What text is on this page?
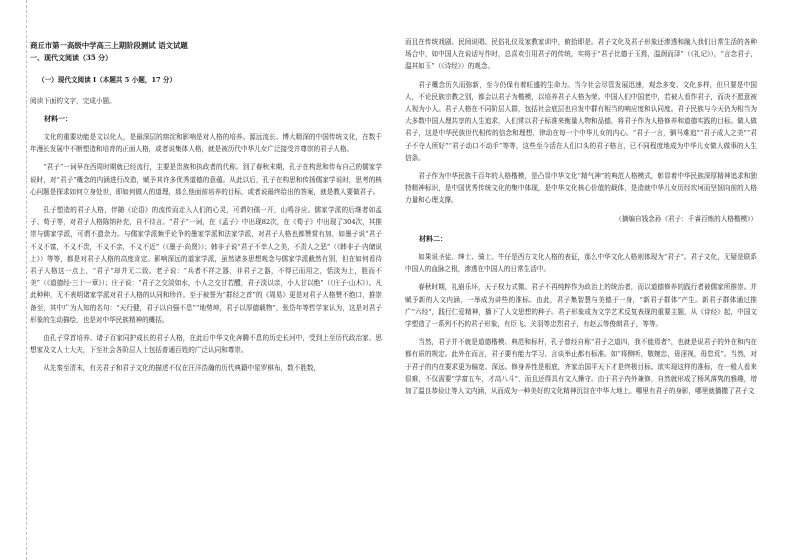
商丘市第一高级中学高三上期阶段测试 语文试题

一、现代文阅读（35 分）

（一）现代文阅读 I（本题共 5 小题，17 分）

阅读下面的文字，完成小题。

材料一：

文化的重要功能是文以化人，是最深层的熔淀和影响是对人格的培养。源远流长、博大精深的中国传统文化，在数千年漫长发展中不断塑造和培育的正面人格，或者说集体人格，就是被历代中华儿女广泛接受并尊崇的君子人格。

“君子”一词早在西周时期就已经流行，主要是贵族和执政者的代称。到了春秋末期，孔子在构思和传布自己的儒家学说时，对“君子”概念的内涵进行改造，赋予其许多优秀道德的意蕴。从此以后，孔子在构思和传扬儒家学说时，思考的核心问题是探求如何立身处世，即如何做人的道理，那么他面前培养的目标，或者说最终给出的答案，就是教人要做君子。

孔子塑造的君子人格，伴随《论语》的流传而走入人们的心灵，可谓妇孺一开，山鸣谷应。儒家学派的后继者如孟子、荀子等，对君子人格陈纳补充，自不待言。“君子”一词，在《孟子》中出现82次，在《荀子》中出现了304次，其推崇与儒家学派，可谓不遗余力。与儒家学派频乎论争的墨家学派和法家学派，对君子人格也都赞赏有加，如墨子说“君子不义不富，不义不贵，不义不亲，不义不近”（《墨子·尚贤》）；韩非子说“君子不幸人之美，不责人之恶”（《韩非子·内储说上》）等等，都是对君子人格的高度肯定。影响深远的道家学派，虽然诸多思想观念与儒家学派截然有别，但在如何看待君子人格这一点上，“君子”却并无二致。老子说：“兵者不祥之器，非君子之器，不得已而用之，恬淡为上，胜而不美”（《道德经·三十一章》）；庄子说：“君子之交淡如水，小人之交甘若醴，君子淡以亲，小人甘以绝”（《庄子·山木》）。凡此种种，无不表明诸家学派对君子人格的认同和珍许。至于被誉为“群经之首”的《周易》更是对君子人格赞不绝口，推崇备至，其中广为人知的名句：“天行健，君子以自强不息”“地势坤，君子以厚德载物”，张岱年等哲学家认为，这是对君子形象的生动描绘，也是对中华民族精神的概括。

由孔子穿首培养、诸子百家同护成长的君子人格，在此后中华文化奔腾不息的历史长河中，受到上至历代政治家、思想家及文人士大夫，下至社会各阶层人士包括普通百姓的广泛认同和尊崇。

从先秦至清末，有关君子和君子文化的描述不仅在汪洋浩瀚的历代典籍中星罗棋布，数不胜数，

而且在传统戏剧、民间说唱、民俗礼仪及家教家训中，俯拾即是。君子文化及君子形象还渗透和融入我们日常生活的各种场合中，如中国人在说话写作时，总喜欢引用君子的传统，实将于“君子比德于玉焉，温润而泽”（《礼记》），“言念君子，温其如玉”（《诗经》）的观念。

君子概念历久而弥新，至今仍保有着旺盛的生命力。当今社会尽管发展迅速，观念多变、文化多样，但只要是中国人，不论民族宗教之别，都会以君子为楷模，以培养君子人格为荣。中国人们中国老中，若被人看作君子，而决不愿意被人视为小人。君子人格在不同阶层人群，包括社会底层也自发中群有相当的响应度和认同度。君子民族与今天仍为相当为大多数中国人理共享的人生追求，人们常以君子标准来衡量人物和品德，将君子作为人格修养和道德实践的目标。做人做君子，这是中华民族世代相传的信念和理想，律动在每一个中华儿女的内心。“君子一言，驷马难追”“君子成人之美”“君子不夺人所好”“君子动口不动手”等等，这些至今活在人们口头的君子格言，已不同程度地成为中华儿女做人做事的人生信条。

君子作为中华民族千百年的人格楷模，是凸显中华文化“精气神”的典范人格模式，彰显着中华民族深厚精神追求和独特精神标识，是中国优秀传统文化的集中体现，是中华文化核心价值的载体，是造就中华儿女历经坎坷而坚韧向前的人格力量和心理支撑。

（摘编自钱念孙《君子：千睿百炼的人格楷模》）

材料二：

如果说圣徒、绅士、骑士、牛仔是西方文化人格的表征，那么中华文化人格则体现为“君子”。君子文化，无疑是联系中国人的血脉之根，渗透在中国人的日常生活中。

春秋时期，礼崩乐坏，天子权力式微。君子不再纯粹作为政治上的统治者，而以道德修养的践行者被儒家所推崇。并赋予新的人文内涵，一举成为讲些的准标。由此，君子集智慧与美德于一身，“新君子群体”产生。新君子群体通过推广“六经”，践行仁爱精神，播下了人文思想的种子。君子形象成为文学艺术反复表现的重要主题，从《诗经》起，中国文学塑造了一系列不朽的君子形象，有臣飞、关羽等忠烈君子，有赵云等俊朗君子，等等。

当然，君子并不就是道德楷模、典范和标杆，孔子曾经自称“君子之道四，我不能焉者”，也就是说君子的外在和内在都有质的规定。此外在而言，君子要有能力学习、言谈举止都有标准。如“将侧听，敬婉忠，毋淫视，毋怠荒”。当然，对于君子的内在要求更为偏宽、深远。修身养性是根底，齐家治国平天下才是终极目标。欲实现这样的准标，在一般人看来很难，不仅需要“学富五车，才高八斗”，而且还得具有文人操守。由于君子内外兼修，自然就形成了杨风落隽的雅趣，增加了温良恭俭让等人文内涵，从而成为一种美好的文化精神沉淀在中华大地上。哪里有君子的身影，哪里就播撒了君子文
